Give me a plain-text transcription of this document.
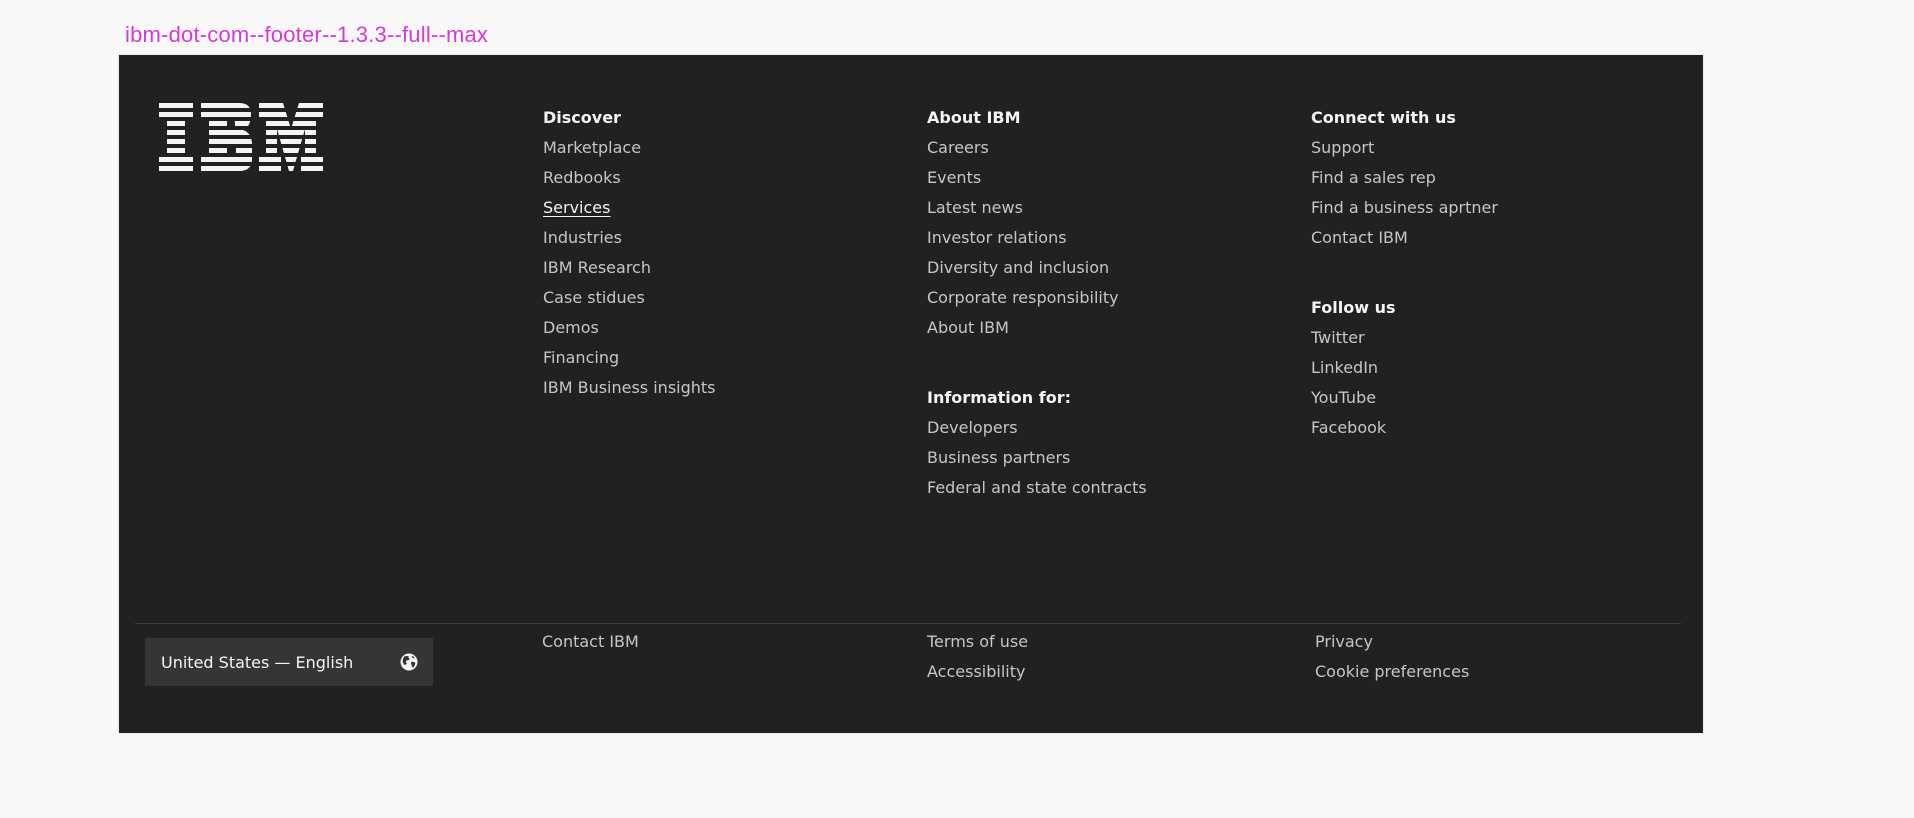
ibm-dot-com--footer--1.3.3--full--max
Discover
Marketplace
Redbooks
Services
Industries
IBM Research
Case stidues
Demos
Financing
IBM Business insights
About IBM
Careers
Events
Latest news
Investor relations
Diversity and inclusion
Corporate responsibility
About IBM
Information for:
Developers
Business partners
Federal and state contracts
Connect with us
Support
Find a sales rep
Find a business aprtner
Contact IBM
Follow us
Twitter
LinkedIn
YouTube
Facebook
United States — English
Contact IBM	Terms of use
Accessibility
Privacy
Cookie preferences
